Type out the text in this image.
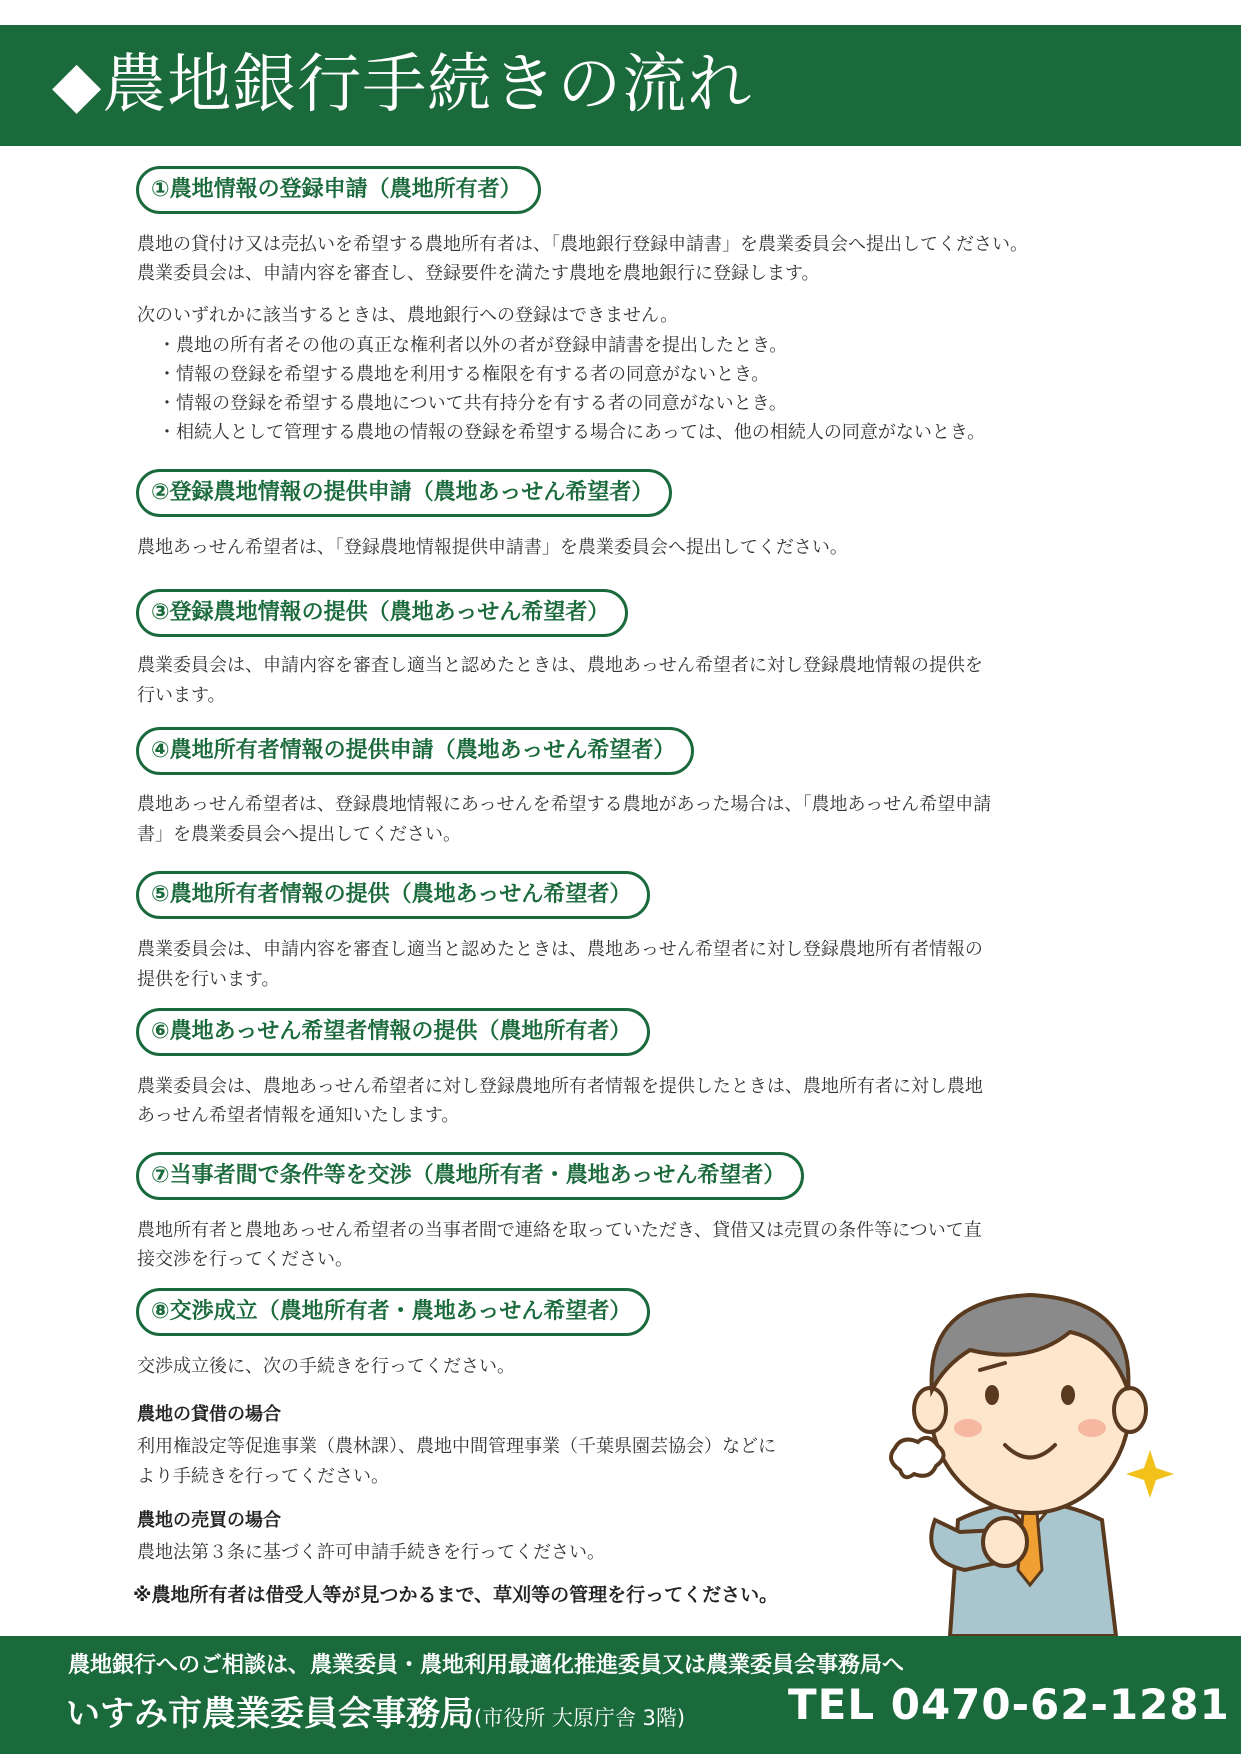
◆農地銀行手続きの流れ
①農地情報の登録申請（農地所有者）

農地の貸付け又は売払いを希望する農地所有者は、「農地銀行登録申請書」を農業委員会へ提出してください。

農業委員会は、申請内容を審査し、登録要件を満たす農地を農地銀行に登録します。

次のいずれかに該当するときは、農地銀行への登録はできません。

・ 農地の所有者その他の真正な権利者以外の者が登録申請書を提出したとき。
・ 情報の登録を希望する農地を利用する権限を有する者の同意がないとき。
・ 情報の登録を希望する農地について共有持分を有する者の同意がないとき。
・ 相続人として管理する農地の情報の登録を希望する場合にあっては、他の相続人の同意がないとき。
②登録農地情報の提供申請（農地あっせん希望者）

農地あっせん希望者は、「登録農地情報提供申請書」を農業委員会へ提出してください。

③登録農地情報の提供（農地あっせん希望者）

農業委員会は、申請内容を審査し適当と認めたときは、農地あっせん希望者に対し登録農地情報の提供を

行います。

④農地所有者情報の提供申請（農地あっせん希望者）

農地あっせん希望者は、登録農地情報にあっせんを希望する農地があった場合は、「農地あっせん希望申請

書」を農業委員会へ提出してください。

⑤農地所有者情報の提供（農地あっせん希望者）

農業委員会は、申請内容を審査し適当と認めたときは、農地あっせん希望者に対し登録農地所有者情報の

提供を行います。

⑥農地あっせん希望者情報の提供（農地所有者）

農業委員会は、農地あっせん希望者に対し登録農地所有者情報を提供したときは、農地所有者に対し農地

あっせん希望者情報を通知いたします。

⑦当事者間で条件等を交渉（農地所有者・農地あっせん希望者）

農地所有者と農地あっせん希望者の当事者間で連絡を取っていただき、貸借又は売買の条件等について直

接交渉を行ってください。

⑧交渉成立（農地所有者・農地あっせん希望者）

交渉成立後に、次の手続きを行ってください。

農地の貸借の場合

利用権設定等促進事業（農林課）、農地中間管理事業（千葉県園芸協会）などに

より手続きを行ってください。

農地の売買の場合

農地法第３条に基づく許可申請手続きを行ってください。

※農地所有者は借受人等が見つかるまで、草刈等の管理を行ってください。
農地銀行へのご相談は、農業委員・農地利用最適化推進委員又は農業委員会事務局へ
いすみ市農業委員会事務局(市役所 大原庁舎 3階) TEL 0470-62-1281
